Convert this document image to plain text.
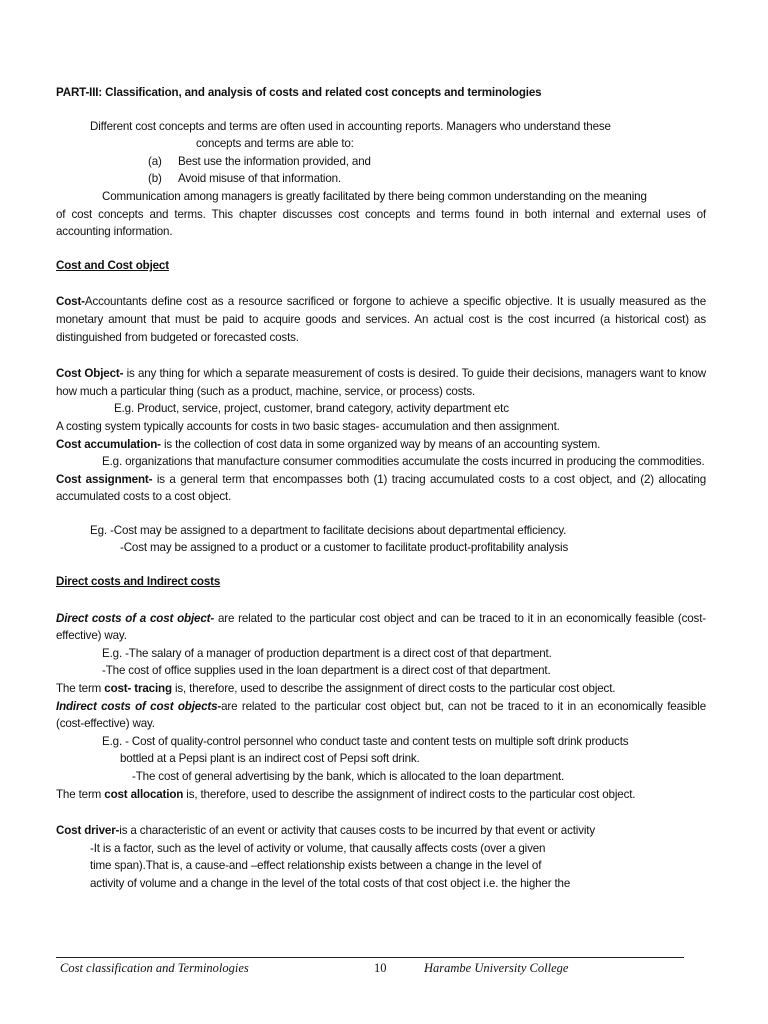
PART-III: Classification, and analysis of costs and related cost concepts and terminologies

Different cost concepts and terms are often used in accounting reports. Managers who understand these

concepts and terms are able to:

(a)	Best use the information provided, and
(b)	Avoid misuse of that information.

Communication among managers is greatly facilitated by there being common understanding on the meaning

of cost concepts and terms. This chapter discusses cost concepts and terms found in both internal and external uses of accounting information.

Cost and Cost object

Cost-Accountants define cost as a resource sacrificed or forgone to achieve a specific objective. It is usually measured as the monetary amount that must be paid to acquire goods and services. An actual cost is the cost incurred (a historical cost) as distinguished from budgeted or forecasted costs.

Cost Object- is any thing for which a separate measurement of costs is desired. To guide their decisions, managers want to know how much a particular thing (such as a product, machine, service, or process) costs.

E.g. Product, service, project, customer, brand category, activity department etc

A costing system typically accounts for costs in two basic stages- accumulation and then assignment.

Cost accumulation- is the collection of cost data in some organized way by means of an accounting system.

E.g. organizations that manufacture consumer commodities accumulate the costs incurred in producing the commodities.

Cost assignment- is a general term that encompasses both (1) tracing accumulated costs to a cost object, and (2) allocating accumulated costs to a cost object.

Eg. -Cost may be assigned to a department to facilitate decisions about departmental efficiency.

-Cost may be assigned to a product or a customer to facilitate product-profitability analysis

Direct costs and Indirect costs

Direct costs of a cost object- are related to the particular cost object and can be traced to it in an economically feasible (cost-effective) way.

E.g. -The salary of a manager of production department is a direct cost of that department.

-The cost of office supplies used in the loan department is a direct cost of that department.

The term cost- tracing is, therefore, used to describe the assignment of direct costs to the particular cost object.

Indirect costs of cost objects-are related to the particular cost object but, can not be traced to it in an economically feasible (cost-effective) way.

E.g. - Cost of quality-control personnel who conduct taste and content tests on multiple soft drink products

bottled at a Pepsi plant is an indirect cost of Pepsi soft drink.

-The cost of general advertising by the bank, which is allocated to the loan department.

The term cost allocation is, therefore, used to describe the assignment of indirect costs to the particular cost object.

Cost driver-is a characteristic of an event or activity that causes costs to be incurred by that event or activity

-It is a factor, such as the level of activity or volume, that causally affects costs (over a given

time span).That is, a cause-and –effect relationship exists between a change in the level of

activity of volume and a change in the level of the total costs of that cost object i.e. the higher the

Cost classification and Terminologies	10	Harambe University College
